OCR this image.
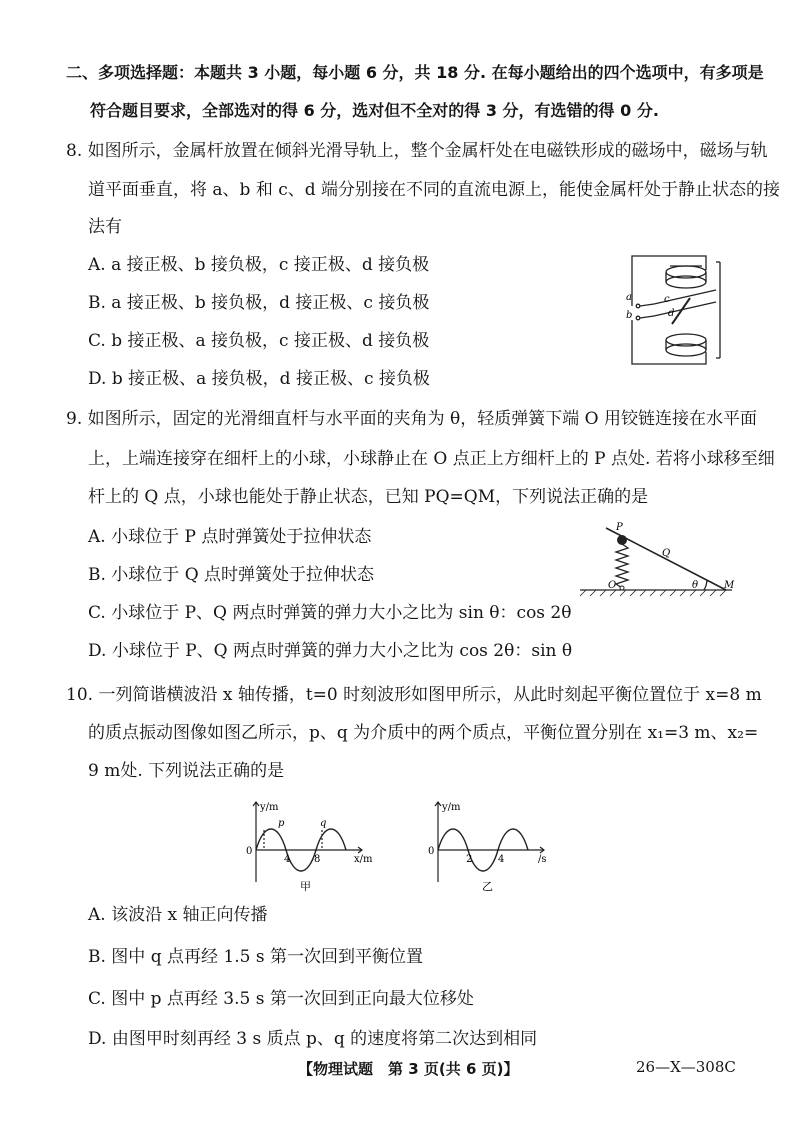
二、多项选择题：本题共 3 小题，每小题 6 分，共 18 分. 在每小题给出的四个选项中，有多项是
符合题目要求，全部选对的得 6 分，选对但不全对的得 3 分，有选错的得 0 分.
8. 如图所示，金属杆放置在倾斜光滑导轨上，整个金属杆处在电磁铁形成的磁场中，磁场与轨
道平面垂直，将 a、b 和 c、d 端分别接在不同的直流电源上，能使金属杆处于静止状态的接
法有
A. a 接正极、b 接负极，c 接正极、d 接负极
B. a 接正极、b 接负极，d 接正极、c 接负极
C. b 接正极、a 接负极，c 接正极、d 接负极
D. b 接正极、a 接负极，d 接正极、c 接负极
a
b
c
d
9. 如图所示，固定的光滑细直杆与水平面的夹角为 θ，轻质弹簧下端 O 用铰链连接在水平面
上，上端连接穿在细杆上的小球，小球静止在 O 点正上方细杆上的 P 点处. 若将小球移至细
杆上的 Q 点，小球也能处于静止状态，已知 PQ=QM，下列说法正确的是
A. 小球位于 P 点时弹簧处于拉伸状态
B. 小球位于 Q 点时弹簧处于拉伸状态
C. 小球位于 P、Q 两点时弹簧的弹力大小之比为 sin θ：cos 2θ
D. 小球位于 P、Q 两点时弹簧的弹力大小之比为 cos 2θ：sin θ
P
Q
O	M
θ
10. 一列简谐横波沿 x 轴传播，t=0 时刻波形如图甲所示，从此时刻起平衡位置位于 x=8 m
的质点振动图像如图乙所示，p、q 为介质中的两个质点，平衡位置分别在 x₁=3 m、x₂=
9 m处. 下列说法正确的是
y/m
x/m
0
4 8
p	q
甲
y/m
/s
0
2	4
乙
A. 该波沿 x 轴正向传播
B. 图中 q 点再经 1.5 s 第一次回到平衡位置
C. 图中 p 点再经 3.5 s 第一次回到正向最大位移处
D. 由图甲时刻再经 3 s 质点 p、q 的速度将第二次达到相同
【物理试题　第 3 页(共 6 页)】	26—X—308C
